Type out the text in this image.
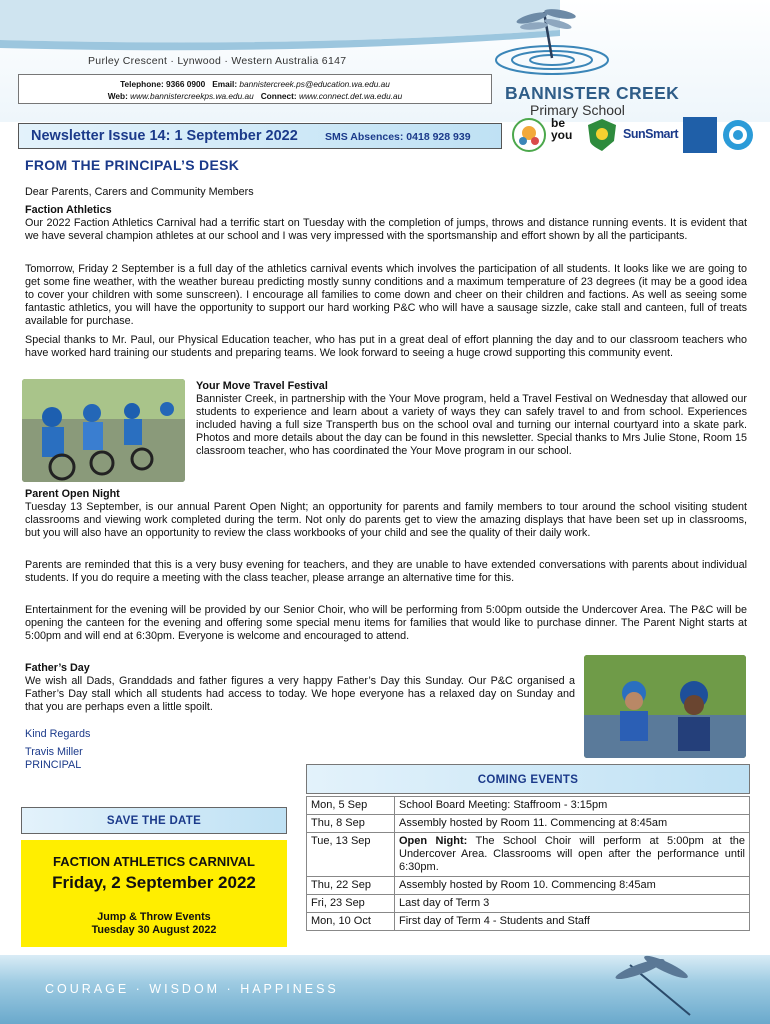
Purley Crescent · Lynwood · Western Australia 6147
Telephone: 9366 0900 Email: bannistercreek.ps@education.wa.edu.au
Web: www.bannistercreekps.wa.edu.au Connect: www.connect.det.wa.edu.au	BANNISTER CREEK
Primary School
Newsletter Issue 14: 1 September 2022	SMS Absences: 0418 928 939
be
you	SunSmart
FROM THE PRINCIPAL’S DESK
Dear Parents, Carers and Community Members
Faction Athletics
Our 2022 Faction Athletics Carnival had a terrific start on Tuesday with the completion of jumps, throws and distance running events. It is evident that we have several champion athletes at our school and I was very impressed with the sportsmanship and effort shown by all the participants.
Tomorrow, Friday 2 September is a full day of the athletics carnival events which involves the participation of all students. It looks like we are going to get some fine weather, with the weather bureau predicting mostly sunny conditions and a maximum temperature of 23 degrees (it may be a good idea to cover your children with some sunscreen). I encourage all families to come down and cheer on their children and factions. As well as seeing some fantastic athletics, you will have the opportunity to support our hard working P&C who will have a sausage sizzle, cake stall and canteen, full of treats available for purchase.
Special thanks to Mr. Paul, our Physical Education teacher, who has put in a great deal of effort planning the day and to our classroom teachers who have worked hard training our students and preparing teams. We look forward to seeing a huge crowd supporting this community event.
Your Move Travel Festival
Bannister Creek, in partnership with the Your Move program, held a Travel Festival on Wednesday that allowed our students to experience and learn about a variety of ways they can safely travel to and from school. Experiences included having a full size Transperth bus on the school oval and turning our internal courtyard into a skate park. Photos and more details about the day can be found in this newsletter. Special thanks to Mrs Julie Stone, Room 15 classroom teacher, who has coordinated the Your Move program in our school.
Parent Open Night
Tuesday 13 September, is our annual Parent Open Night; an opportunity for parents and family members to tour around the school visiting student classrooms and viewing work completed during the term. Not only do parents get to view the amazing displays that have been set up in classrooms, but you will also have an opportunity to review the class workbooks of your child and see the quality of their daily work.
Parents are reminded that this is a very busy evening for teachers, and they are unable to have extended conversations with parents about individual students. If you do require a meeting with the class teacher, please arrange an alternative time for this.
Entertainment for the evening will be provided by our Senior Choir, who will be performing from 5:00pm outside the Undercover Area. The P&C will be opening the canteen for the evening and offering some special menu items for families that would like to purchase dinner. The Parent Night starts at 5:00pm and will end at 6:30pm. Everyone is welcome and encouraged to attend.
Father’s Day
We wish all Dads, Granddads and father figures a very happy Father’s Day this Sunday. Our P&C organised a Father’s Day stall which all students had access to today. We hope everyone has a relaxed day on Sunday and that you are perhaps even a little spoilt.
Kind Regards
Travis Miller
PRINCIPAL
SAVE THE DATE
FACTION ATHLETICS CARNIVAL
Friday, 2 September 2022
Jump & Throw Events
Tuesday 30 August 2022
COMING EVENTS
Mon, 5 Sep	School Board Meeting: Staffroom - 3:15pm
Thu, 8 Sep	Assembly hosted by Room 11. Commencing at 8:45am
Tue, 13 Sep	Open Night: The School Choir will perform at 5:00pm at the Undercover Area. Classrooms will open after the performance until 6:30pm.
Thu, 22 Sep	Assembly hosted by Room 10. Commencing 8:45am
Fri, 23 Sep	Last day of Term 3
Mon, 10 Oct	First day of Term 4 - Students and Staff
COURAGE · WISDOM · HAPPINESS
